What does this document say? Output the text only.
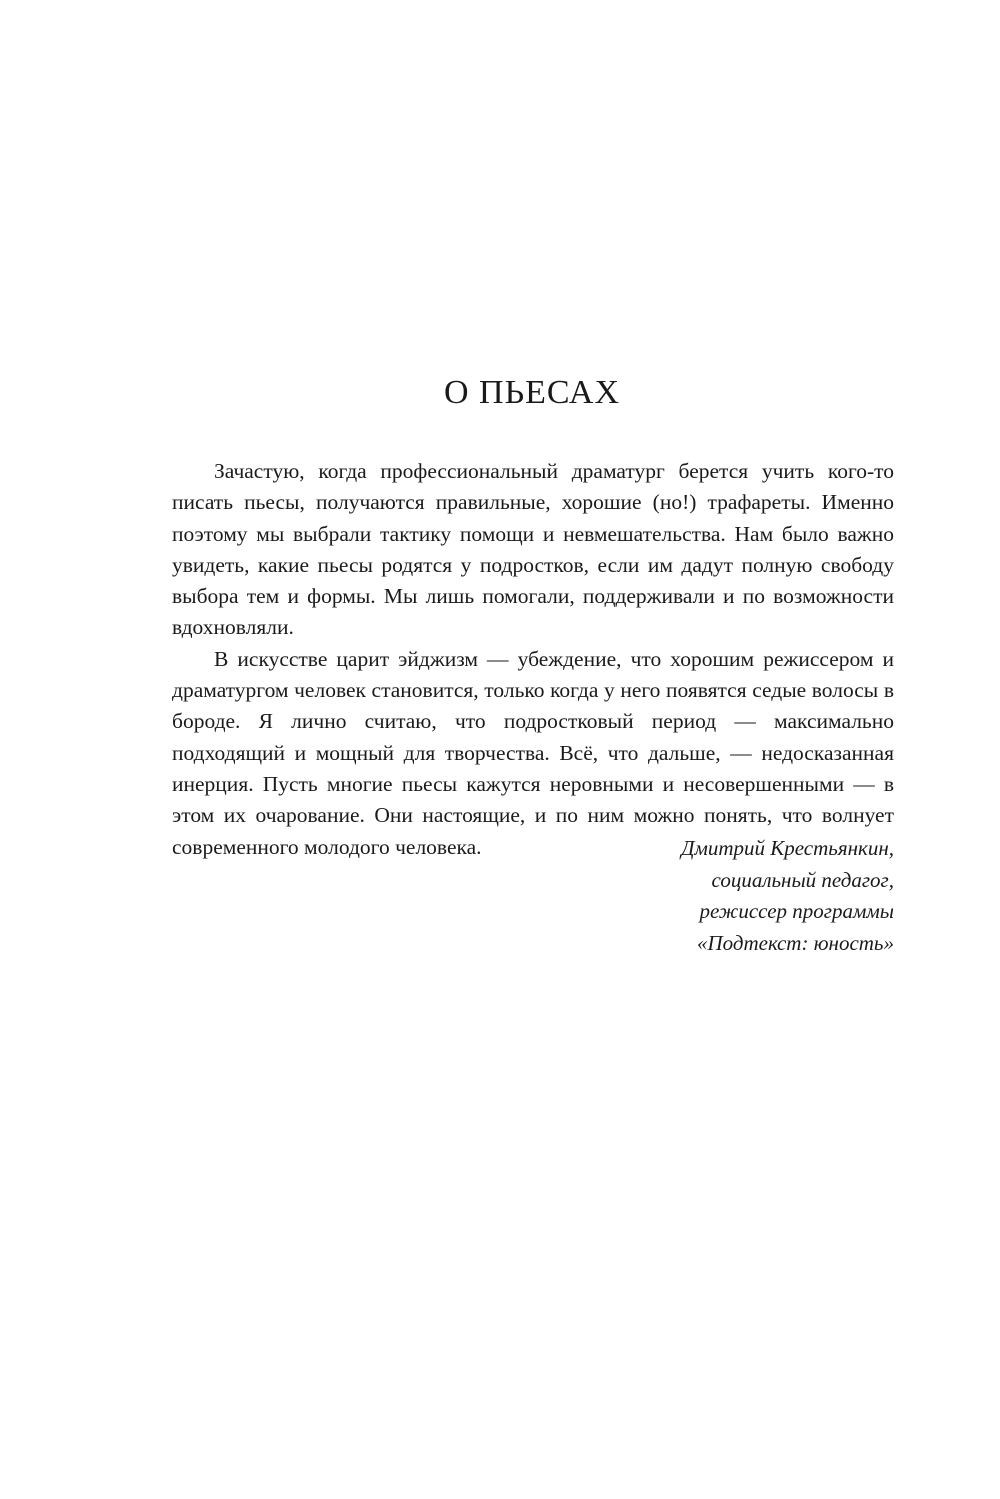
О ПЬЕСАХ

Зачастую, когда профессиональный драматург берется учить кого-то писать пьесы, получаются правильные, хорошие (но!) трафареты. Именно поэтому мы выбрали тактику помощи и невмешательства. Нам было важно увидеть, какие пьесы родятся у подростков, если им дадут полную свободу выбора тем и формы. Мы лишь помогали, поддерживали и по возможности вдохновляли.

В искусстве царит эйджизм — убеждение, что хорошим режиссером и драматургом человек становится, только когда у него появятся седые волосы в бороде. Я лично считаю, что подростковый период — максимально подходящий и мощный для творчества. Всё, что дальше, — недосказанная инерция. Пусть многие пьесы кажутся неровными и несовершенными — в этом их очарование. Они настоящие, и по ним можно понять, что волнует современного молодого человека.	Дмитрий Крестьянкин,
социальный педагог,
режиссер программы
«Подтекст: юность»
